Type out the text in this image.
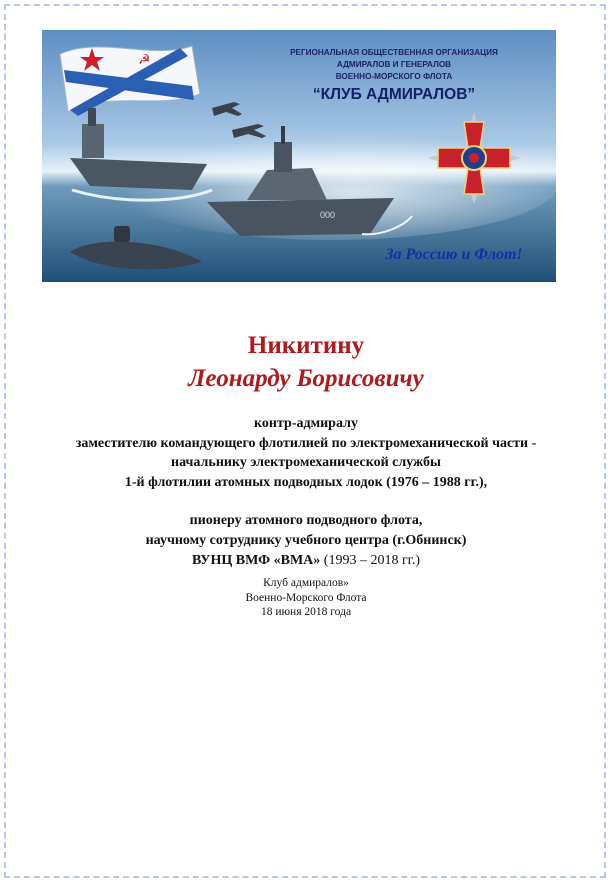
☭	РЕГИОНАЛЬНАЯ ОБЩЕСТВЕННАЯ ОРГАНИЗАЦИЯ
АДМИРАЛОВ И ГЕНЕРАЛОВ
ВОЕННО-МОРСКОГО ФЛОТА
“КЛУБ АДМИРАЛОВ”
000
За Россию и Флот!
Никитину
Леонарду Борисовичу
контр-адмиралу
заместителю командующего флотилией по электромеханической части -
начальнику электромеханической службы
1-й флотилии атомных подводных лодок (1976 – 1988 гг.),
пионеру атомного подводного флота,
научному сотруднику учебного центра (г.Обнинск)
ВУНЦ ВМФ «ВМА» (1993 – 2018 гг.)
Клуб адмиралов»
Военно-Морского Флота
18 июня 2018 года
